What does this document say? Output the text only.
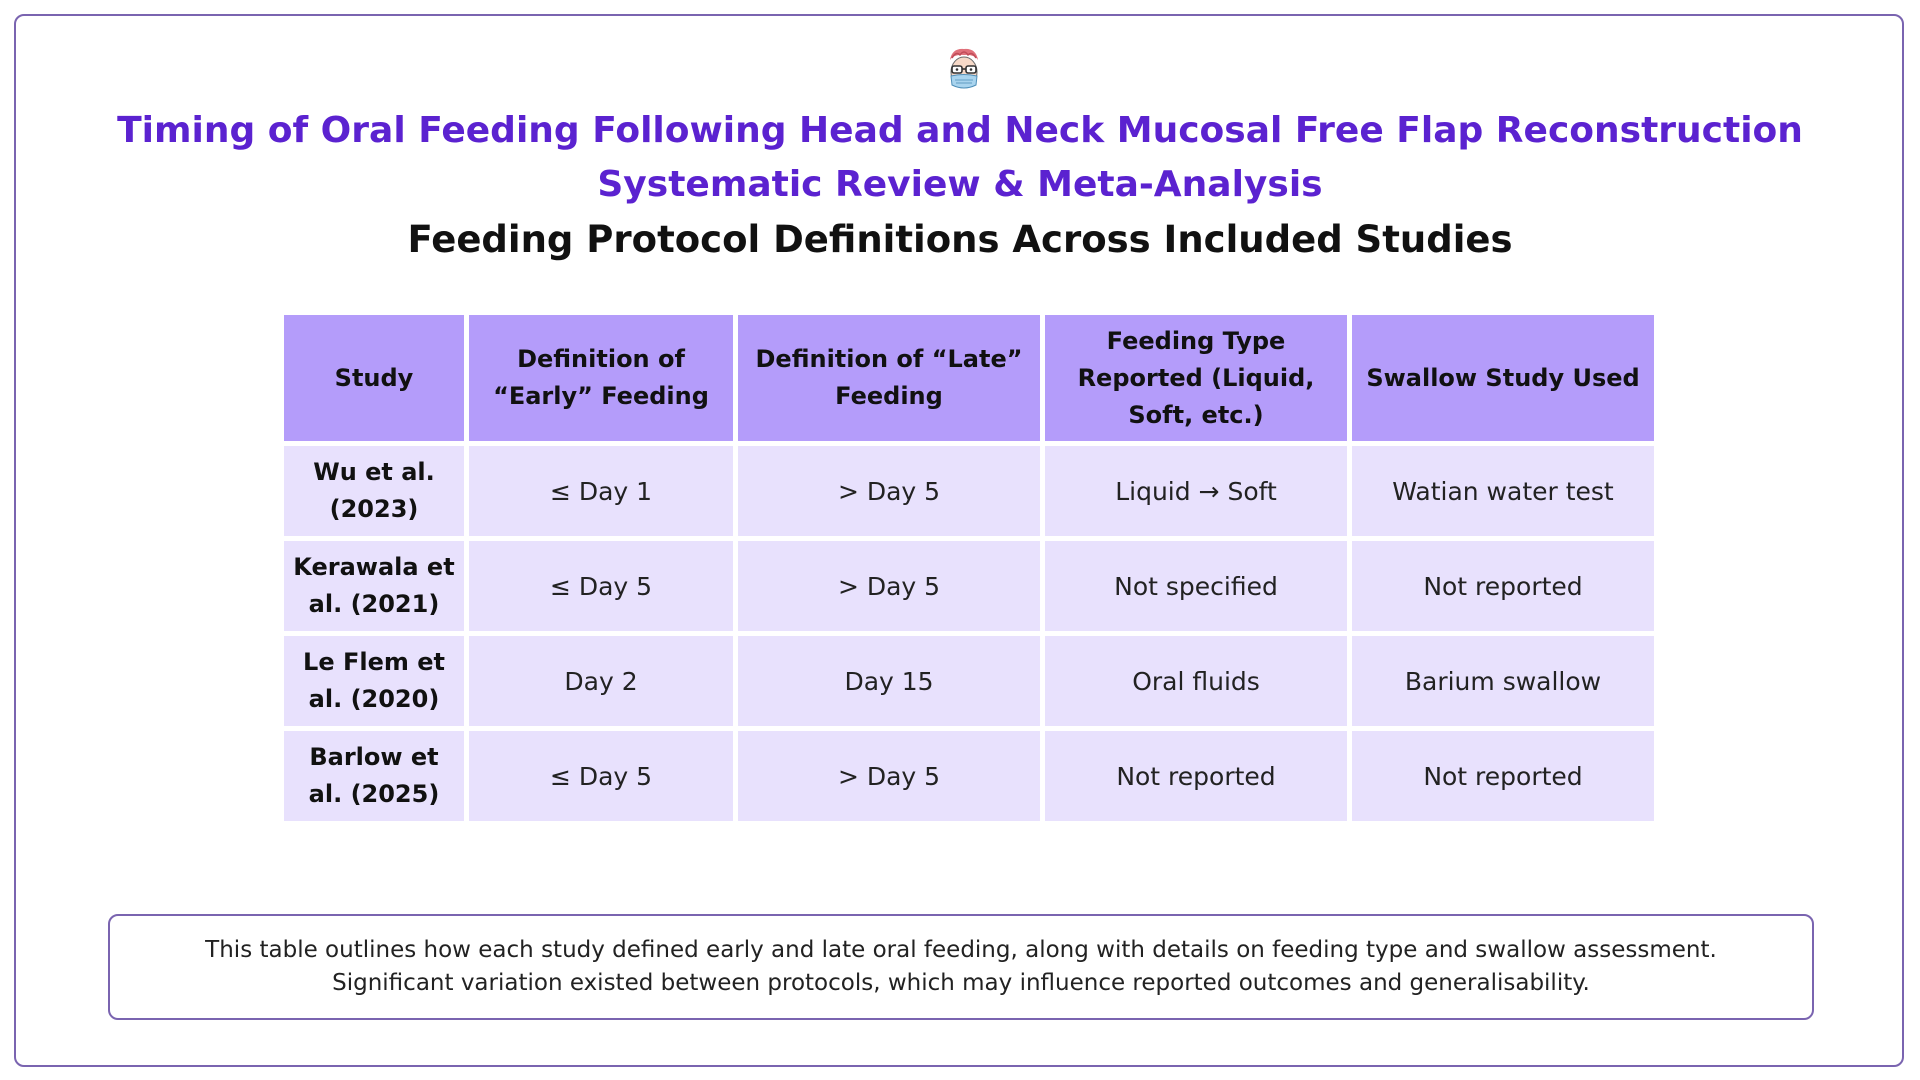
Timing of Oral Feeding Following Head and Neck Mucosal Free Flap Reconstruction
Systematic Review & Meta-Analysis
Feeding Protocol Definitions Across Included Studies
Study	Definition of “Early” Feeding	Definition of “Late” Feeding	Feeding Type Reported (Liquid, Soft, etc.)	Swallow Study Used
Wu et al. (2023)	≤ Day 1	> Day 5	Liquid → Soft	Watian water test
Kerawala et al. (2021)	≤ Day 5	> Day 5	Not specified	Not reported
Le Flem et al. (2020)	Day 2	Day 15	Oral fluids	Barium swallow
Barlow et al. (2025)	≤ Day 5	> Day 5	Not reported	Not reported
This table outlines how each study defined early and late oral feeding, along with details on feeding type and swallow assessment. Significant variation existed between protocols, which may influence reported outcomes and generalisability.
